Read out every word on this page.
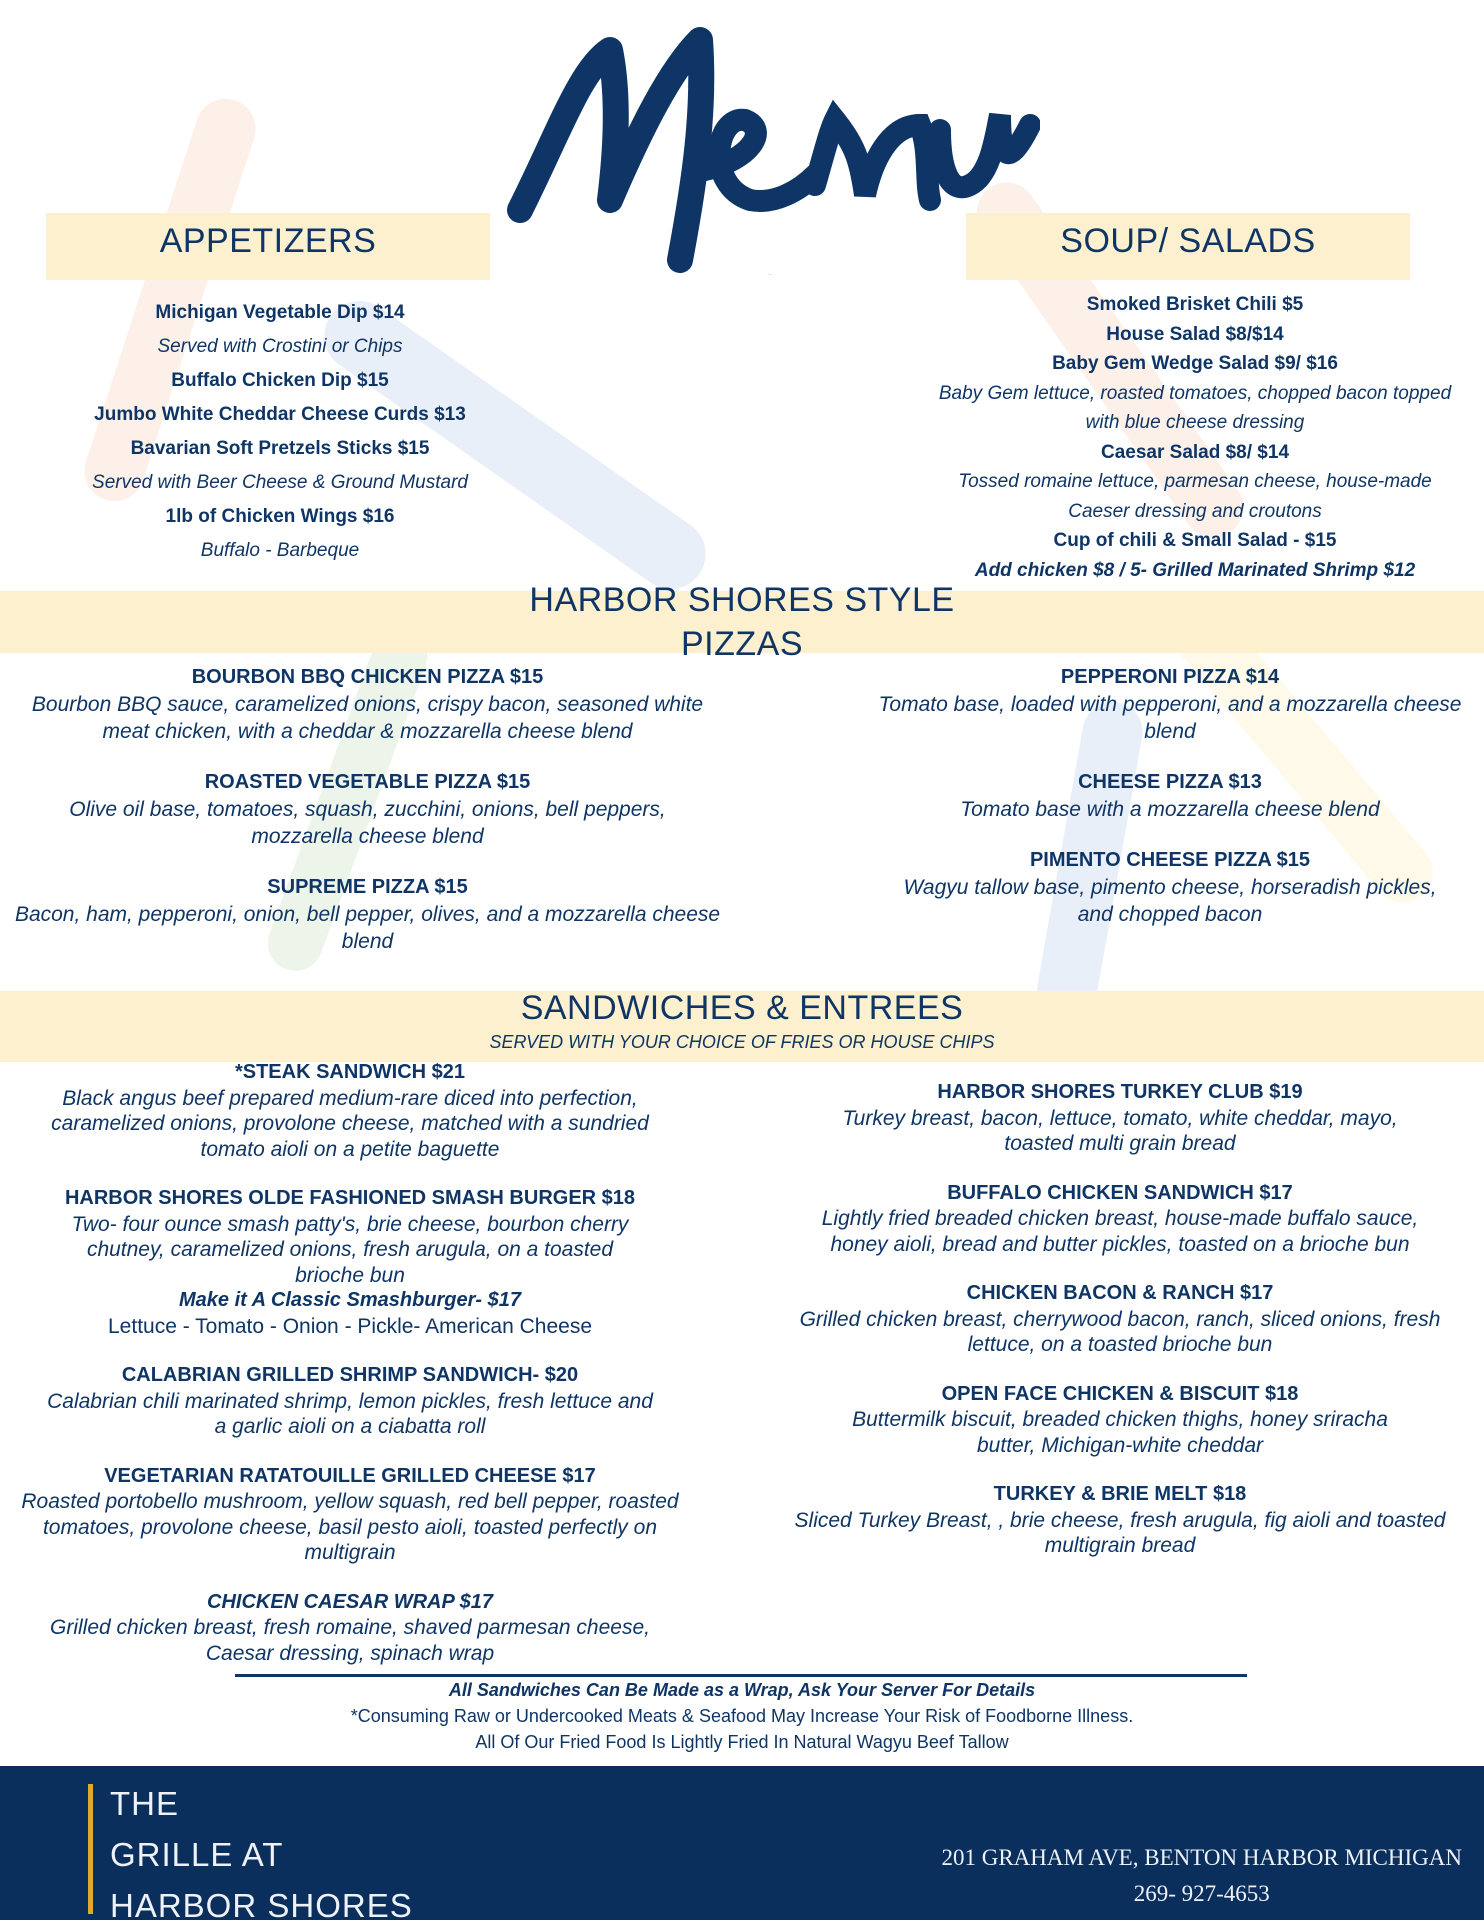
Menu
APPETIZERS
Michigan Vegetable Dip $14
Served with Crostini or Chips
Buffalo Chicken Dip $15
Jumbo White Cheddar Cheese Curds $13
Bavarian Soft Pretzels Sticks $15
Served with Beer Cheese & Ground Mustard
1lb of Chicken Wings $16
Buffalo - Barbeque
SOUP/ SALADS
Smoked Brisket Chili $5
House Salad $8/$14
Baby Gem Wedge Salad $9/ $16
Baby Gem lettuce, roasted tomatoes, chopped bacon topped with blue cheese dressing
Caesar Salad $8/ $14
Tossed romaine lettuce, parmesan cheese, house-made Caeser dressing and croutons
Cup of chili & Small Salad - $15
Add chicken $8 / 5- Grilled Marinated Shrimp $12
HARBOR SHORES STYLE
PIZZAS
BOURBON BBQ CHICKEN PIZZA $15
Bourbon BBQ sauce, caramelized onions, crispy bacon, seasoned white meat chicken, with a cheddar & mozzarella cheese blend
ROASTED VEGETABLE PIZZA $15
Olive oil base, tomatoes, squash, zucchini, onions, bell peppers, mozzarella cheese blend
SUPREME PIZZA $15
Bacon, ham, pepperoni, onion, bell pepper, olives, and a mozzarella cheese blend
PEPPERONI PIZZA $14
Tomato base, loaded with pepperoni, and a mozzarella cheese blend
CHEESE PIZZA $13
Tomato base with a mozzarella cheese blend
PIMENTO CHEESE PIZZA $15
Wagyu tallow base, pimento cheese, horseradish pickles, and chopped bacon
SANDWICHES & ENTREES
SERVED WITH YOUR CHOICE OF FRIES OR HOUSE CHIPS
*STEAK SANDWICH $21
Black angus beef prepared medium-rare diced into perfection, caramelized onions, provolone cheese, matched with a sundried tomato aioli on a petite baguette
HARBOR SHORES OLDE FASHIONED SMASH BURGER $18
Two- four ounce smash patty's, brie cheese, bourbon cherry chutney, caramelized onions, fresh arugula, on a toasted brioche bun
Make it A Classic Smashburger- $17
Lettuce - Tomato - Onion - Pickle- American Cheese
CALABRIAN GRILLED SHRIMP SANDWICH- $20
Calabrian chili marinated shrimp, lemon pickles, fresh lettuce and a garlic aioli on a ciabatta roll
VEGETARIAN RATATOUILLE GRILLED CHEESE $17
Roasted portobello mushroom, yellow squash, red bell pepper, roasted tomatoes, provolone cheese, basil pesto aioli, toasted perfectly on multigrain
CHICKEN CAESAR WRAP $17
Grilled chicken breast, fresh romaine, shaved parmesan cheese, Caesar dressing, spinach wrap
HARBOR SHORES TURKEY CLUB $19
Turkey breast, bacon, lettuce, tomato, white cheddar, mayo, toasted multi grain bread
BUFFALO CHICKEN SANDWICH $17
Lightly fried breaded chicken breast, house-made buffalo sauce, honey aioli, bread and butter pickles, toasted on a brioche bun
CHICKEN BACON & RANCH $17
Grilled chicken breast, cherrywood bacon, ranch, sliced onions, fresh lettuce, on a toasted brioche bun
OPEN FACE CHICKEN & BISCUIT $18
Buttermilk biscuit, breaded chicken thighs, honey sriracha butter, Michigan-white cheddar
TURKEY & BRIE MELT $18
Sliced Turkey Breast, , brie cheese, fresh arugula, fig aioli and toasted multigrain bread
All Sandwiches Can Be Made as a Wrap, Ask Your Server For Details
*Consuming Raw or Undercooked Meats & Seafood May Increase Your Risk of Foodborne Illness.
All Of Our Fried Food Is Lightly Fried In Natural Wagyu Beef Tallow
THE
GRILLE AT
HARBOR SHORES
201 GRAHAM AVE, BENTON HARBOR MICHIGAN
269- 927-4653
